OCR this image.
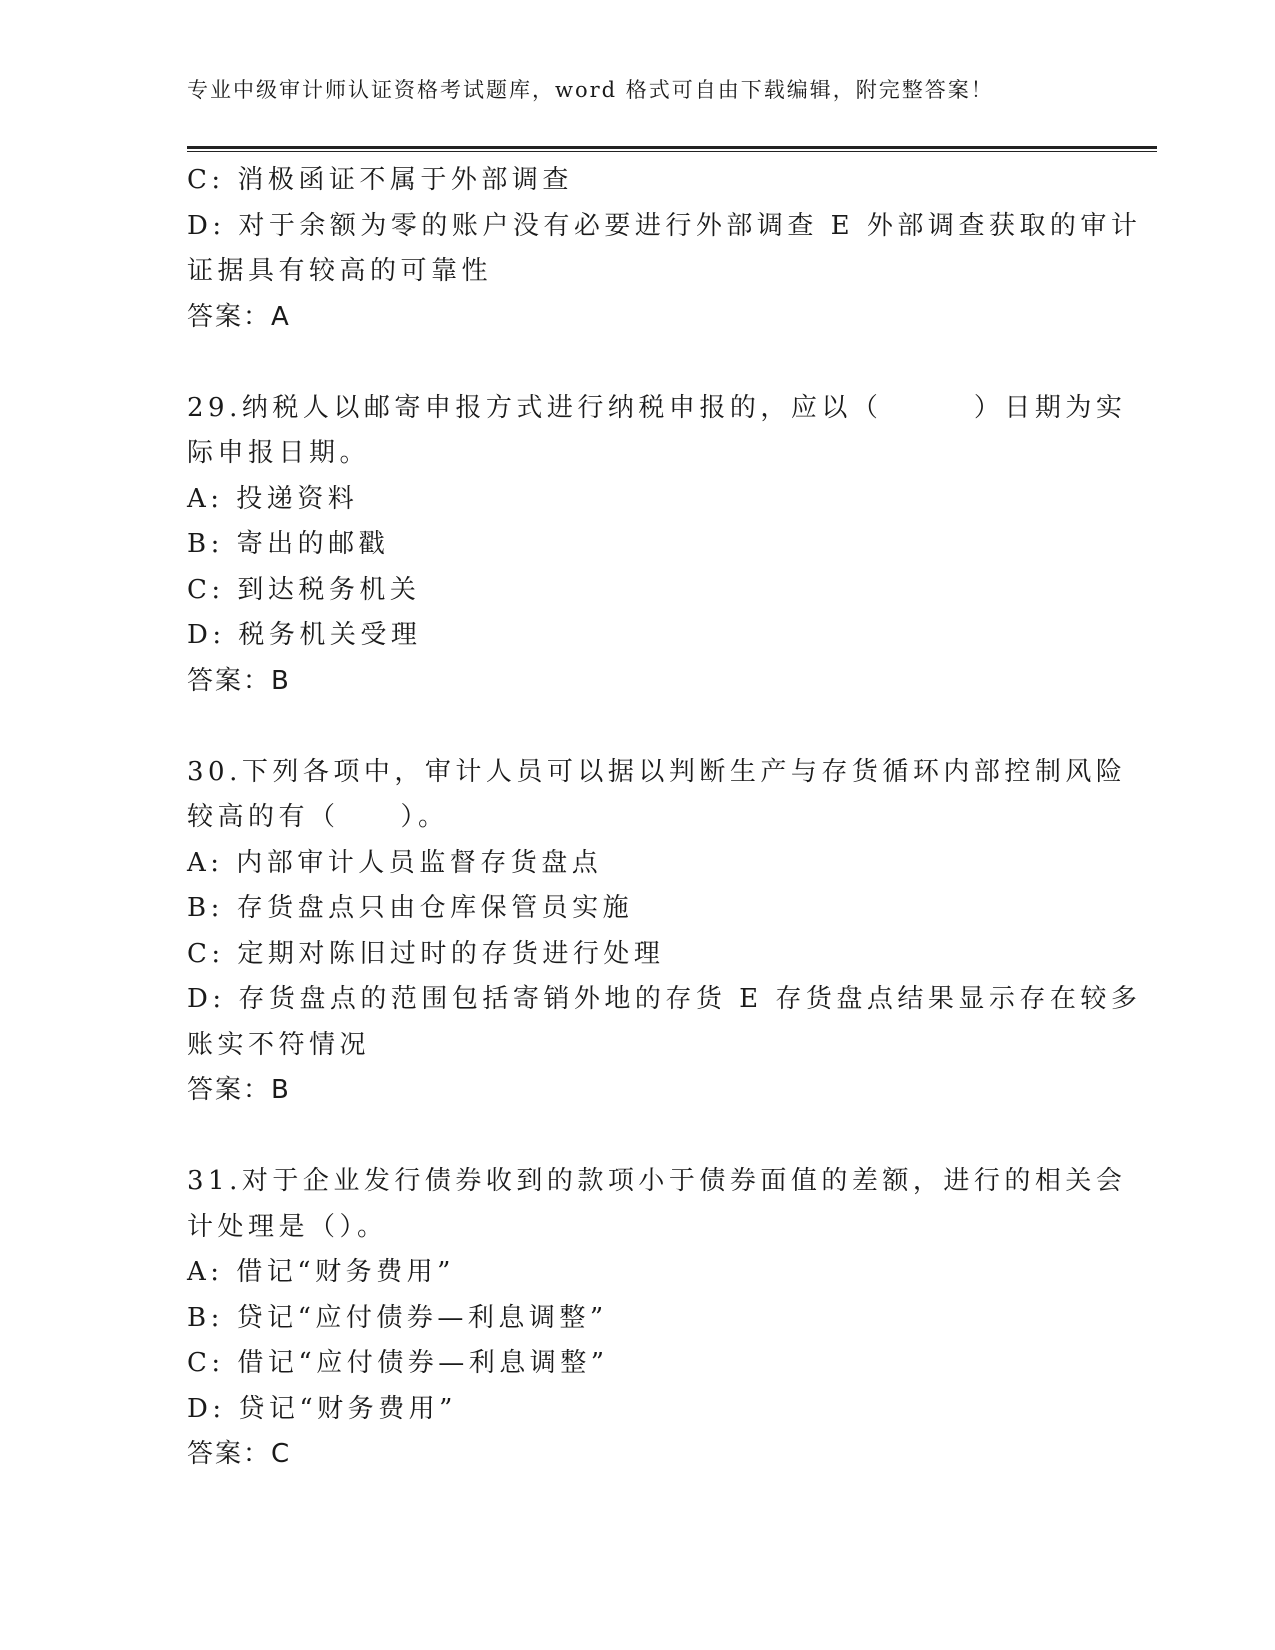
专业中级审计师认证资格考试题库，word 格式可自由下载编辑，附完整答案！
C: 消极函证不属于外部调查
D: 对于余额为零的账户没有必要进行外部调查 E 外部调查获取的审计
证据具有较高的可靠性
答案：A
29.纳税人以邮寄申报方式进行纳税申报的，应以（　　　）日期为实
际申报日期。
A: 投递资料
B: 寄出的邮戳
C: 到达税务机关
D: 税务机关受理
答案：B
30.下列各项中，审计人员可以据以判断生产与存货循环内部控制风险
较高的有（　　）。
A: 内部审计人员监督存货盘点
B: 存货盘点只由仓库保管员实施
C: 定期对陈旧过时的存货进行处理
D: 存货盘点的范围包括寄销外地的存货 E 存货盘点结果显示存在较多
账实不符情况
答案：B
31.对于企业发行债券收到的款项小于债券面值的差额，进行的相关会
计处理是（）。
A: 借记“财务费用”
B: 贷记“应付债券—利息调整”
C: 借记“应付债券—利息调整”
D: 贷记“财务费用”
答案：C
